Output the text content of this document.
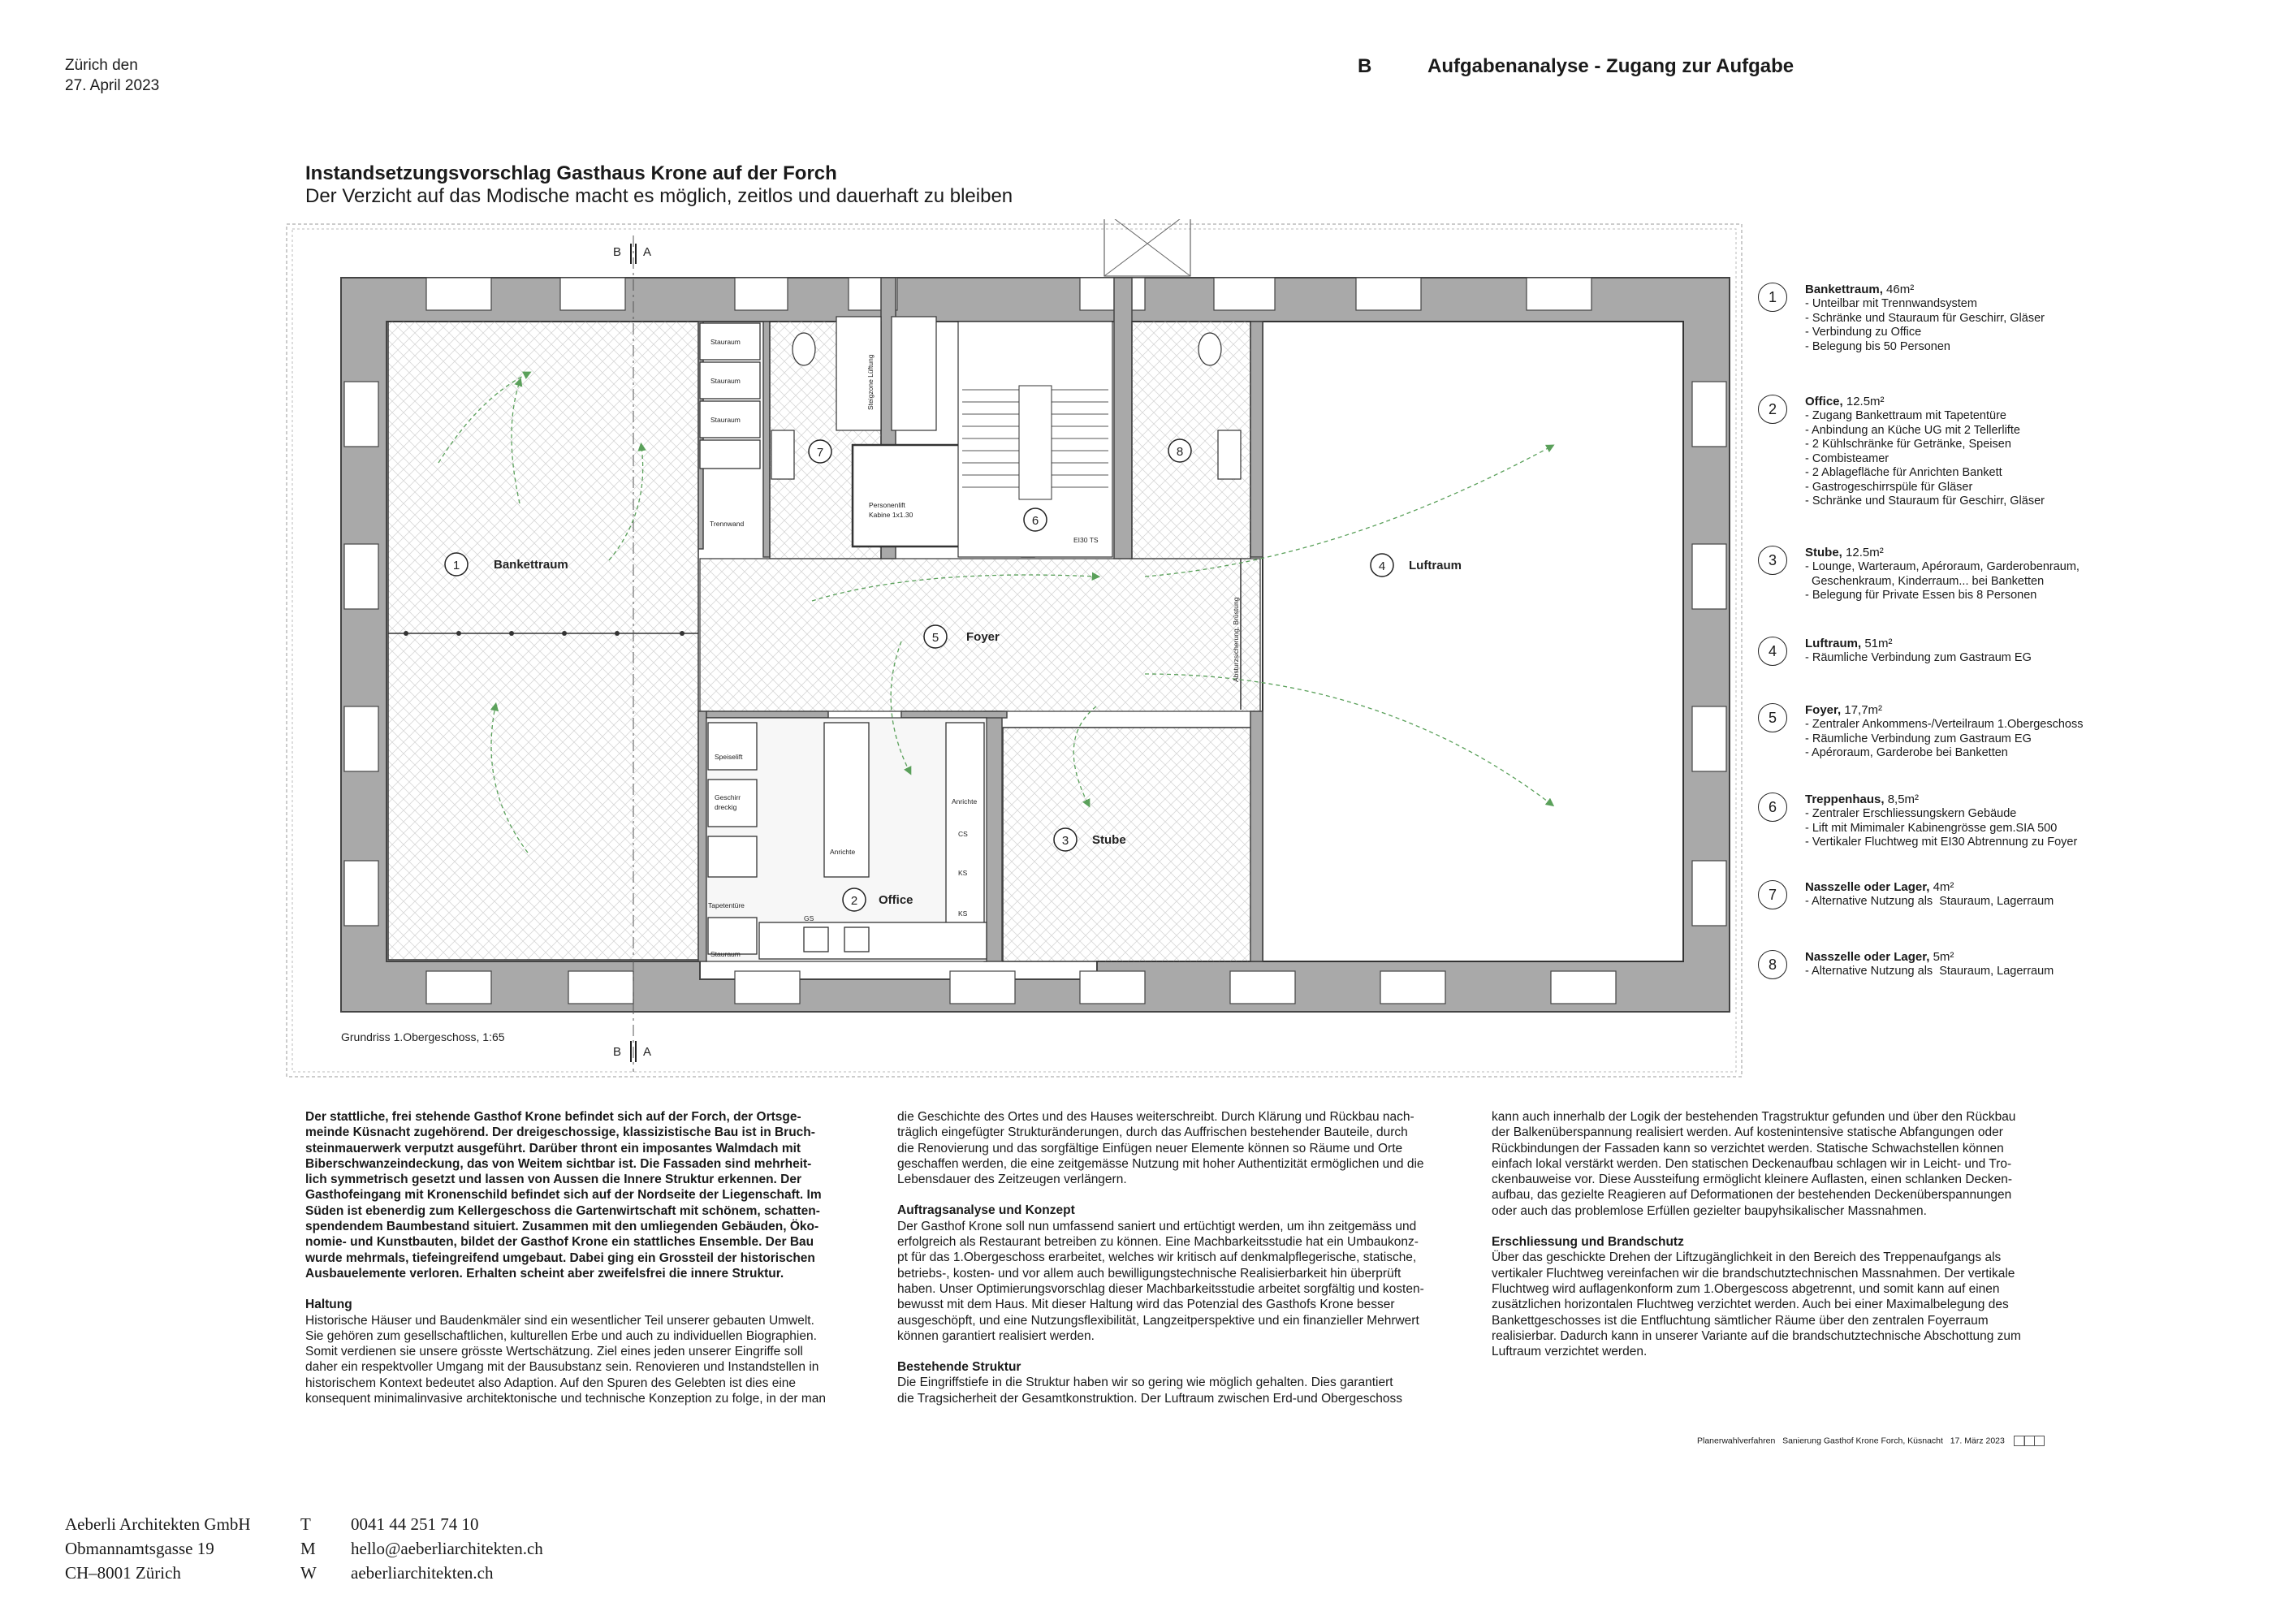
Zürich den
27. April 2023
B	Aufgabenanalyse - Zugang zur Aufgabe
Instandsetzungsvorschlag Gasthaus Krone auf der Forch
Der Verzicht auf das Modische macht es möglich, zeitlos und dauerhaft zu bleiben
B A
B A
1	Bankettraum
2 Office
3 Stube
4 Luftraum
5 Foyer
6
7	8
Stauraum
Stauraum
Stauraum
Trennwand
Stauraum
Steigzone Lüftung
Personenlift
Kabine 1x1.30
EI30 TS
Absturzsicherung, Brüstung
Speiselift
Geschirr
dreckig
Anrichte
Anrichte
CS
KS
KS
Tapetentüre
GS
Grundriss 1.Obergeschoss, 1:65
1	Bankettraum, 46m²
- Unteilbar mit Trennwandsystem
- Schränke und Stauraum für Geschirr, Gläser
- Verbindung zu Office
- Belegung bis 50 Personen
2	Office, 12.5m²
- Zugang Bankettraum mit Tapetentüre
- Anbindung an Küche UG mit 2 Tellerlifte
- 2 Kühlschränke für Getränke, Speisen
- Combisteamer
- 2 Ablagefläche für Anrichten Bankett
- Gastrogeschirrspüle für Gläser
- Schränke und Stauraum für Geschirr, Gläser
3	Stube, 12.5m²
- Lounge, Warteraum, Apéroraum, Garderobenraum,
Geschenkraum, Kinderraum... bei Banketten
- Belegung für Private Essen bis 8 Personen
4	Luftraum, 51m²
- Räumliche Verbindung zum Gastraum EG
5	Foyer, 17,7m²
- Zentraler Ankommens-/Verteilraum 1.Obergeschoss
- Räumliche Verbindung zum Gastraum EG
- Apéroraum, Garderobe bei Banketten
6	Treppenhaus, 8,5m²
- Zentraler Erschliessungskern Gebäude
- Lift mit Mimimaler Kabinengrösse gem.SIA 500
- Vertikaler Fluchtweg mit EI30 Abtrennung zu Foyer
7	Nasszelle oder Lager, 4m²
- Alternative Nutzung als  Stauraum, Lagerraum
8	Nasszelle oder Lager, 5m²
- Alternative Nutzung als  Stauraum, Lagerraum

Der stattliche, frei stehende Gasthof Krone befindet sich auf der Forch, der Ortsge-
meinde Küsnacht zugehörend. Der dreigeschossige, klassizistische Bau ist in Bruch-
steinmauerwerk verputzt ausgeführt. Darüber thront ein imposantes Walmdach mit
Biberschwanzeindeckung, das von Weitem sichtbar ist. Die Fassaden sind mehrheit-
lich symmetrisch gesetzt und lassen von Aussen die Innere Struktur erkennen. Der
Gasthofeingang mit Kronenschild befindet sich auf der Nordseite der Liegenschaft. Im
Süden ist ebenerdig zum Kellergeschoss die Gartenwirtschaft mit schönem, schatten-
spendendem Baumbestand situiert. Zusammen mit den umliegenden Gebäuden, Öko-
nomie- und Kunstbauten, bildet der Gasthof Krone ein stattliches Ensemble. Der Bau
wurde mehrmals, tiefeingreifend umgebaut. Dabei ging ein Grossteil der historischen
Ausbauelemente verloren. Erhalten scheint aber zweifelsfrei die innere Struktur.

Haltung

Historische Häuser und Baudenkmäler sind ein wesentlicher Teil unserer gebauten Umwelt.
Sie gehören zum gesellschaftlichen, kulturellen Erbe und auch zu individuellen Biographien.
Somit verdienen sie unsere grösste Wertschätzung. Ziel eines jeden unserer Eingriffe soll
daher ein respektvoller Umgang mit der Bausubstanz sein. Renovieren und Instandstellen in
historischem Kontext bedeutet also Adaption. Auf den Spuren des Gelebten ist dies eine
konsequent minimalinvasive architektonische und technische Konzeption zu folge, in der man

die Geschichte des Ortes und des Hauses weiterschreibt. Durch Klärung und Rückbau nach-
träglich eingefügter Strukturänderungen, durch das Auffrischen bestehender Bauteile, durch
die Renovierung und das sorgfältige Einfügen neuer Elemente können so Räume und Orte
geschaffen werden, die eine zeitgemässe Nutzung mit hoher Authentizität ermöglichen und die
Lebensdauer des Zeitzeugen verlängern.

Auftragsanalyse und Konzept

Der Gasthof Krone soll nun umfassend saniert und ertüchtigt werden, um ihn zeitgemäss und
erfolgreich als Restaurant betreiben zu können. Eine Machbarkeitsstudie hat ein Umbaukonz-
pt für das 1.Obergeschoss erarbeitet, welches wir kritisch auf denkmalpflegerische, statische,
betriebs-, kosten- und vor allem auch bewilligungstechnische Realisierbarkeit hin überprüft
haben. Unser Optimierungsvorschlag dieser Machbarkeitsstudie arbeitet sorgfältig und kosten-
bewusst mit dem Haus. Mit dieser Haltung wird das Potenzial des Gasthofs Krone besser
ausgeschöpft, und eine Nutzungsflexibilität, Langzeitperspektive und ein finanzieller Mehrwert
können garantiert realisiert werden.

Bestehende Struktur

Die Eingriffstiefe in die Struktur haben wir so gering wie möglich gehalten. Dies garantiert
die Tragsicherheit der Gesamtkonstruktion. Der Luftraum zwischen Erd-und Obergeschoss

kann auch innerhalb der Logik der bestehenden Tragstruktur gefunden und über den Rückbau
der Balkenüberspannung realisiert werden. Auf kostenintensive statische Abfangungen oder
Rückbindungen der Fassaden kann so verzichtet werden. Statische Schwachstellen können
einfach lokal verstärkt werden. Den statischen Deckenaufbau schlagen wir in Leicht- und Tro-
ckenbauweise vor. Diese Aussteifung ermöglicht kleinere Auflasten, einen schlanken Decken-
aufbau, das gezielte Reagieren auf Deformationen der bestehenden Deckenüberspannungen
oder auch das problemlose Erfüllen gezielter baupyhsikalischer Massnahmen.

Erschliessung und Brandschutz

Über das geschickte Drehen der Liftzugänglichkeit in den Bereich des Treppenaufgangs als
vertikaler Fluchtweg vereinfachen wir die brandschutztechnischen Massnahmen. Der vertikale
Fluchtweg wird auflagenkonform zum 1.Obergescoss abgetrennt, und somit kann auf einen
zusätzlichen horizontalen Fluchtweg verzichtet werden. Auch bei einer Maximalbelegung des
Bankettgeschosses ist die Entfluchtung sämtlicher Räume über den zentralen Foyerraum
realisierbar. Dadurch kann in unserer Variante auf die brandschutztechnische Abschottung zum
Luftraum verzichtet werden.

Planerwahlverfahren Sanierung Gasthof Krone Forch, Küsnacht 17. März 2023
Aeberli Architekten GmbH
Obmannamtsgasse 19
CH–8001 Zürich
T 0041 44 251 74 10
M hello@aeberliarchitekten.ch
W aeberliarchitekten.ch
